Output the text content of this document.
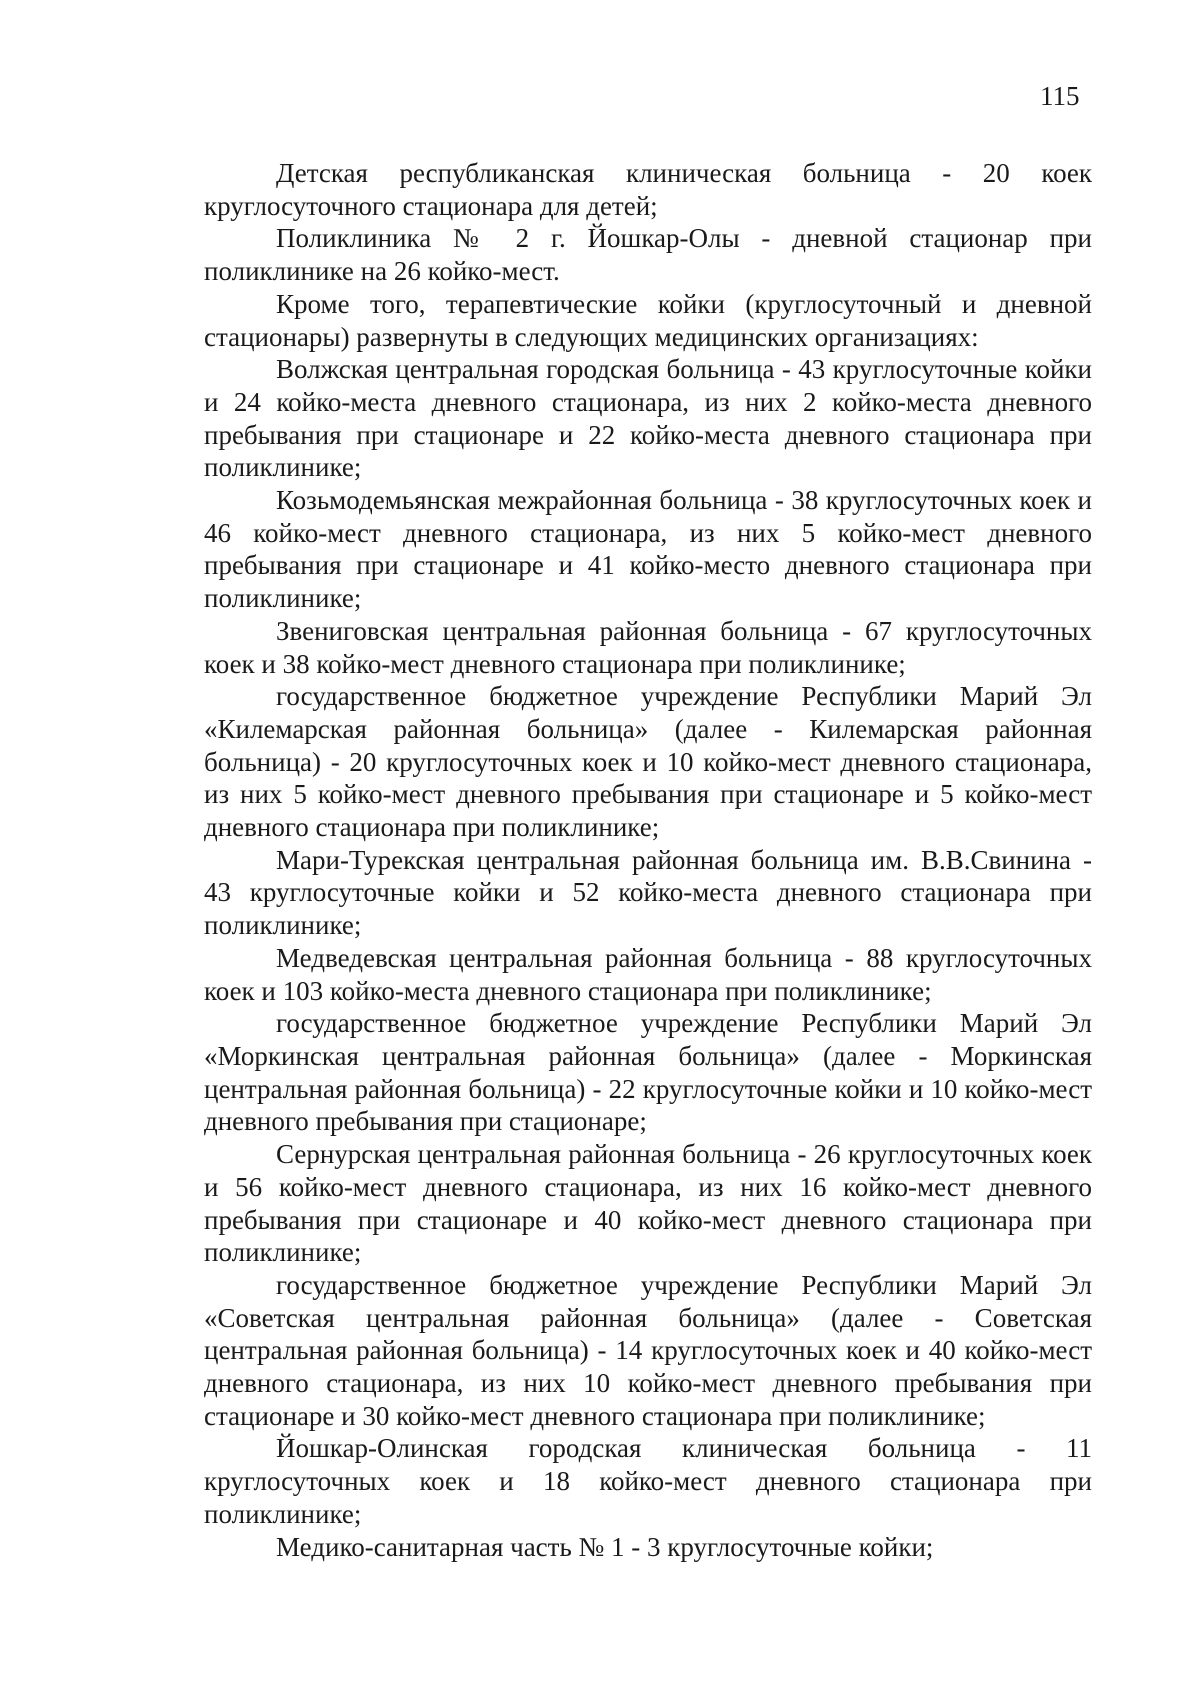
115

Детская республиканская клиническая больница - 20 коек круглосуточного стационара для детей;

Поликлиника № 2 г. Йошкар-Олы - дневной стационар при поликлинике на 26 койко-мест.

Кроме того, терапевтические койки (круглосуточный и дневной стационары) развернуты в следующих медицинских организациях:

Волжская центральная городская больница - 43 круглосуточные койки и 24 койко-места дневного стационара, из них 2 койко-места дневного пребывания при стационаре и 22 койко-места дневного стационара при поликлинике;

Козьмодемьянская межрайонная больница - 38 круглосуточных коек и 46 койко-мест дневного стационара, из них 5 койко-мест дневного пребывания при стационаре и 41 койко-место дневного стационара при поликлинике;

Звениговская центральная районная больница - 67 круглосуточных коек и 38 койко-мест дневного стационара при поликлинике;

государственное бюджетное учреждение Республики Марий Эл «Килемарская районная больница» (далее - Килемарская районная больница) - 20 круглосуточных коек и 10 койко-мест дневного стационара, из них 5 койко-мест дневного пребывания при стационаре и 5 койко-мест дневного стационара при поликлинике;

Мари-Турекская центральная районная больница им. В.В.Свинина - 43 круглосуточные койки и 52 койко-места дневного стационара при поликлинике;

Медведевская центральная районная больница - 88 круглосуточных коек и 103 койко-места дневного стационара при поликлинике;

государственное бюджетное учреждение Республики Марий Эл «Моркинская центральная районная больница» (далее - Моркинская центральная районная больница) - 22 круглосуточные койки и 10 койко-мест дневного пребывания при стационаре;

Сернурская центральная районная больница - 26 круглосуточных коек и 56 койко-мест дневного стационара, из них 16 койко-мест дневного пребывания при стационаре и 40 койко-мест дневного стационара при поликлинике;

государственное бюджетное учреждение Республики Марий Эл «Советская центральная районная больница» (далее - Советская центральная районная больница) - 14 круглосуточных коек и 40 койко-мест дневного стационара, из них 10 койко-мест дневного пребывания при стационаре и 30 койко-мест дневного стационара при поликлинике;

Йошкар-Олинская городская клиническая больница - 11 круглосуточных коек и 18 койко-мест дневного стационара при поликлинике;

Медико-санитарная часть № 1 - 3 круглосуточные койки;
